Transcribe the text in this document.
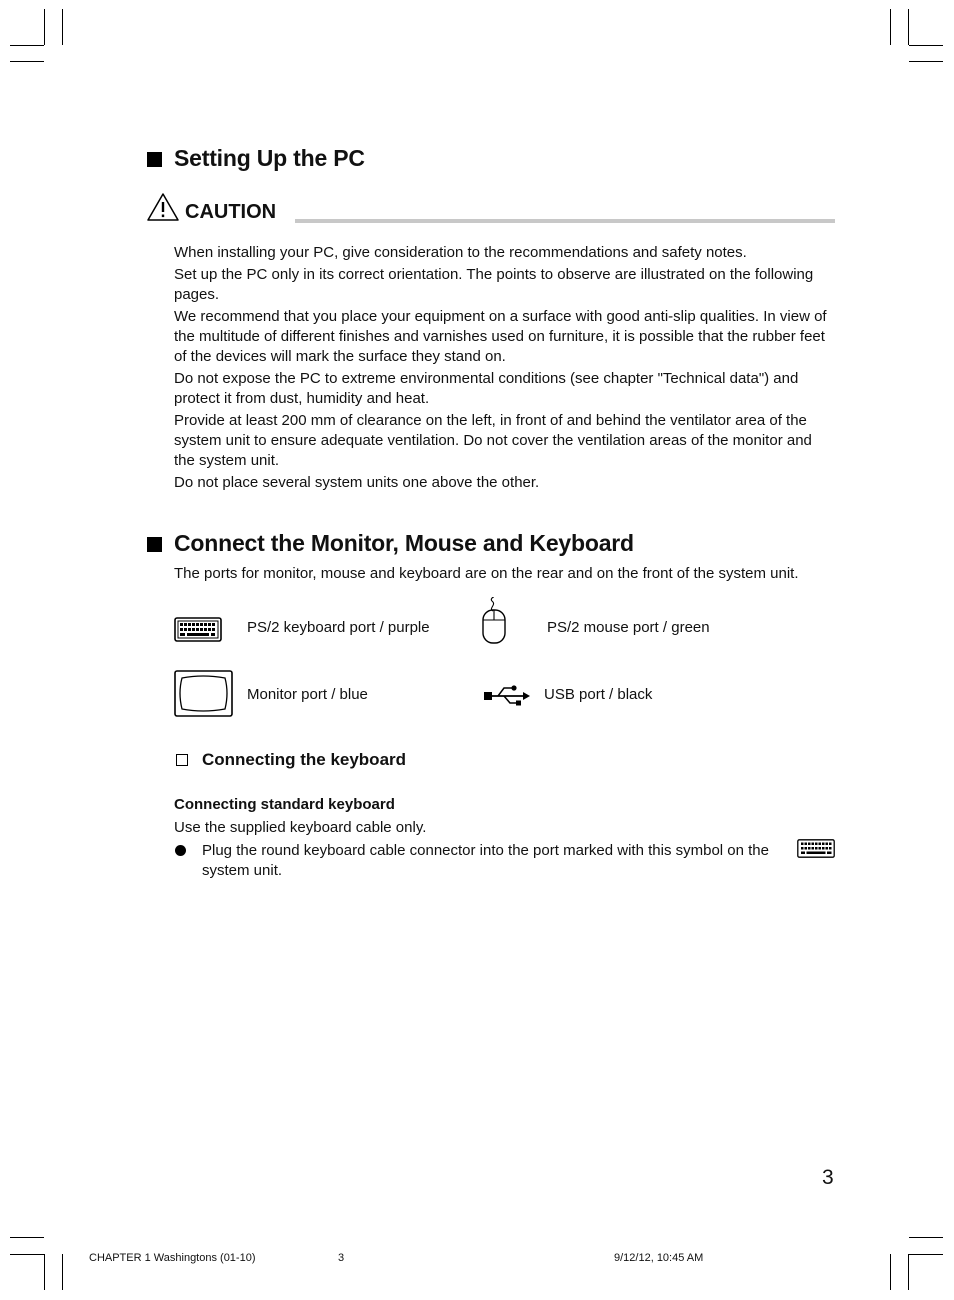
Setting Up the PC
CAUTION

When installing your PC, give consideration to the recommendations and safety notes.

Set up the PC only in its correct orientation. The points to observe are illustrated on the following pages.

We recommend that you place your equipment on a surface with good anti-slip qualities. In view of the multitude of different finishes and varnishes used on furniture, it is possible that the rubber feet of the devices will mark the surface they stand on.

Do not expose the PC to extreme environmental conditions (see chapter "Technical data") and protect it from dust, humidity and heat.

Provide at least 200 mm of clearance on the left, in front of and behind the ventilator area of the system unit to ensure adequate ventilation. Do not cover the ventilation areas of the monitor and the system unit.

Do not place several system units one above the other.

Connect the Monitor, Mouse and Keyboard
The ports for monitor, mouse and keyboard are on the rear and on the front of the system unit.
PS/2 keyboard port / purple	PS/2 mouse port / green
Monitor port / blue	USB port / black
Connecting the keyboard
Connecting standard keyboard
Use the supplied keyboard cable only.
Plug the round keyboard cable connector into the port marked with this symbol on the
system unit.
3
CHAPTER 1 Washingtons (01-10)	3	9/12/12, 10:45 AM
